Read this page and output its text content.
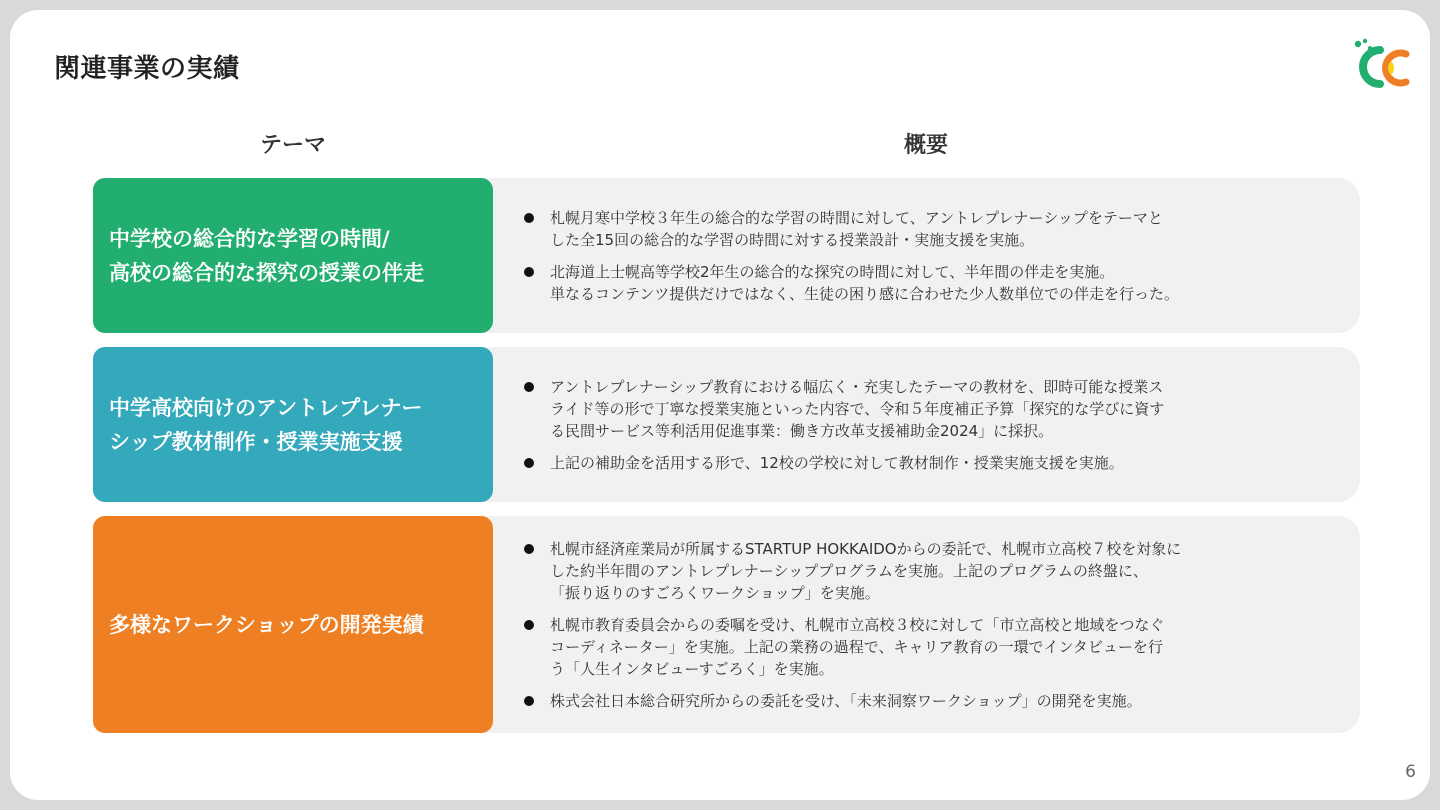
関連事業の実績
テーマ	概要
中学校の総合的な学習の時間/
高校の総合的な探究の授業の伴走
札幌月寒中学校３年生の総合的な学習の時間に対して、アントレプレナーシップをテーマと
した全15回の総合的な学習の時間に対する授業設計・実施支援を実施。
北海道上士幌高等学校2年生の総合的な探究の時間に対して、半年間の伴走を実施。
単なるコンテンツ提供だけではなく、生徒の困り感に合わせた少人数単位での伴走を行った。
中学高校向けのアントレプレナー
シップ教材制作・授業実施支援
アントレプレナーシップ教育における幅広く・充実したテーマの教材を、即時可能な授業ス
ライド等の形で丁寧な授業実施といった内容で、令和５年度補正予算「探究的な学びに資す
る民間サービス等利活用促進事業：働き方改革支援補助金2024」に採択。
上記の補助金を活用する形で、12校の学校に対して教材制作・授業実施支援を実施。
多様なワークショップの開発実績
札幌市経済産業局が所属するSTARTUP HOKKAIDOからの委託で、札幌市立高校７校を対象に
した約半年間のアントレプレナーシッププログラムを実施。上記のプログラムの終盤に、
「振り返りのすごろくワークショップ」を実施。
札幌市教育委員会からの委嘱を受け、札幌市立高校３校に対して「市立高校と地域をつなぐ
コーディネーター」を実施。上記の業務の過程で、キャリア教育の一環でインタビューを行
う「人生インタビューすごろく」を実施。
株式会社日本総合研究所からの委託を受け、「未来洞察ワークショップ」の開発を実施。
6
